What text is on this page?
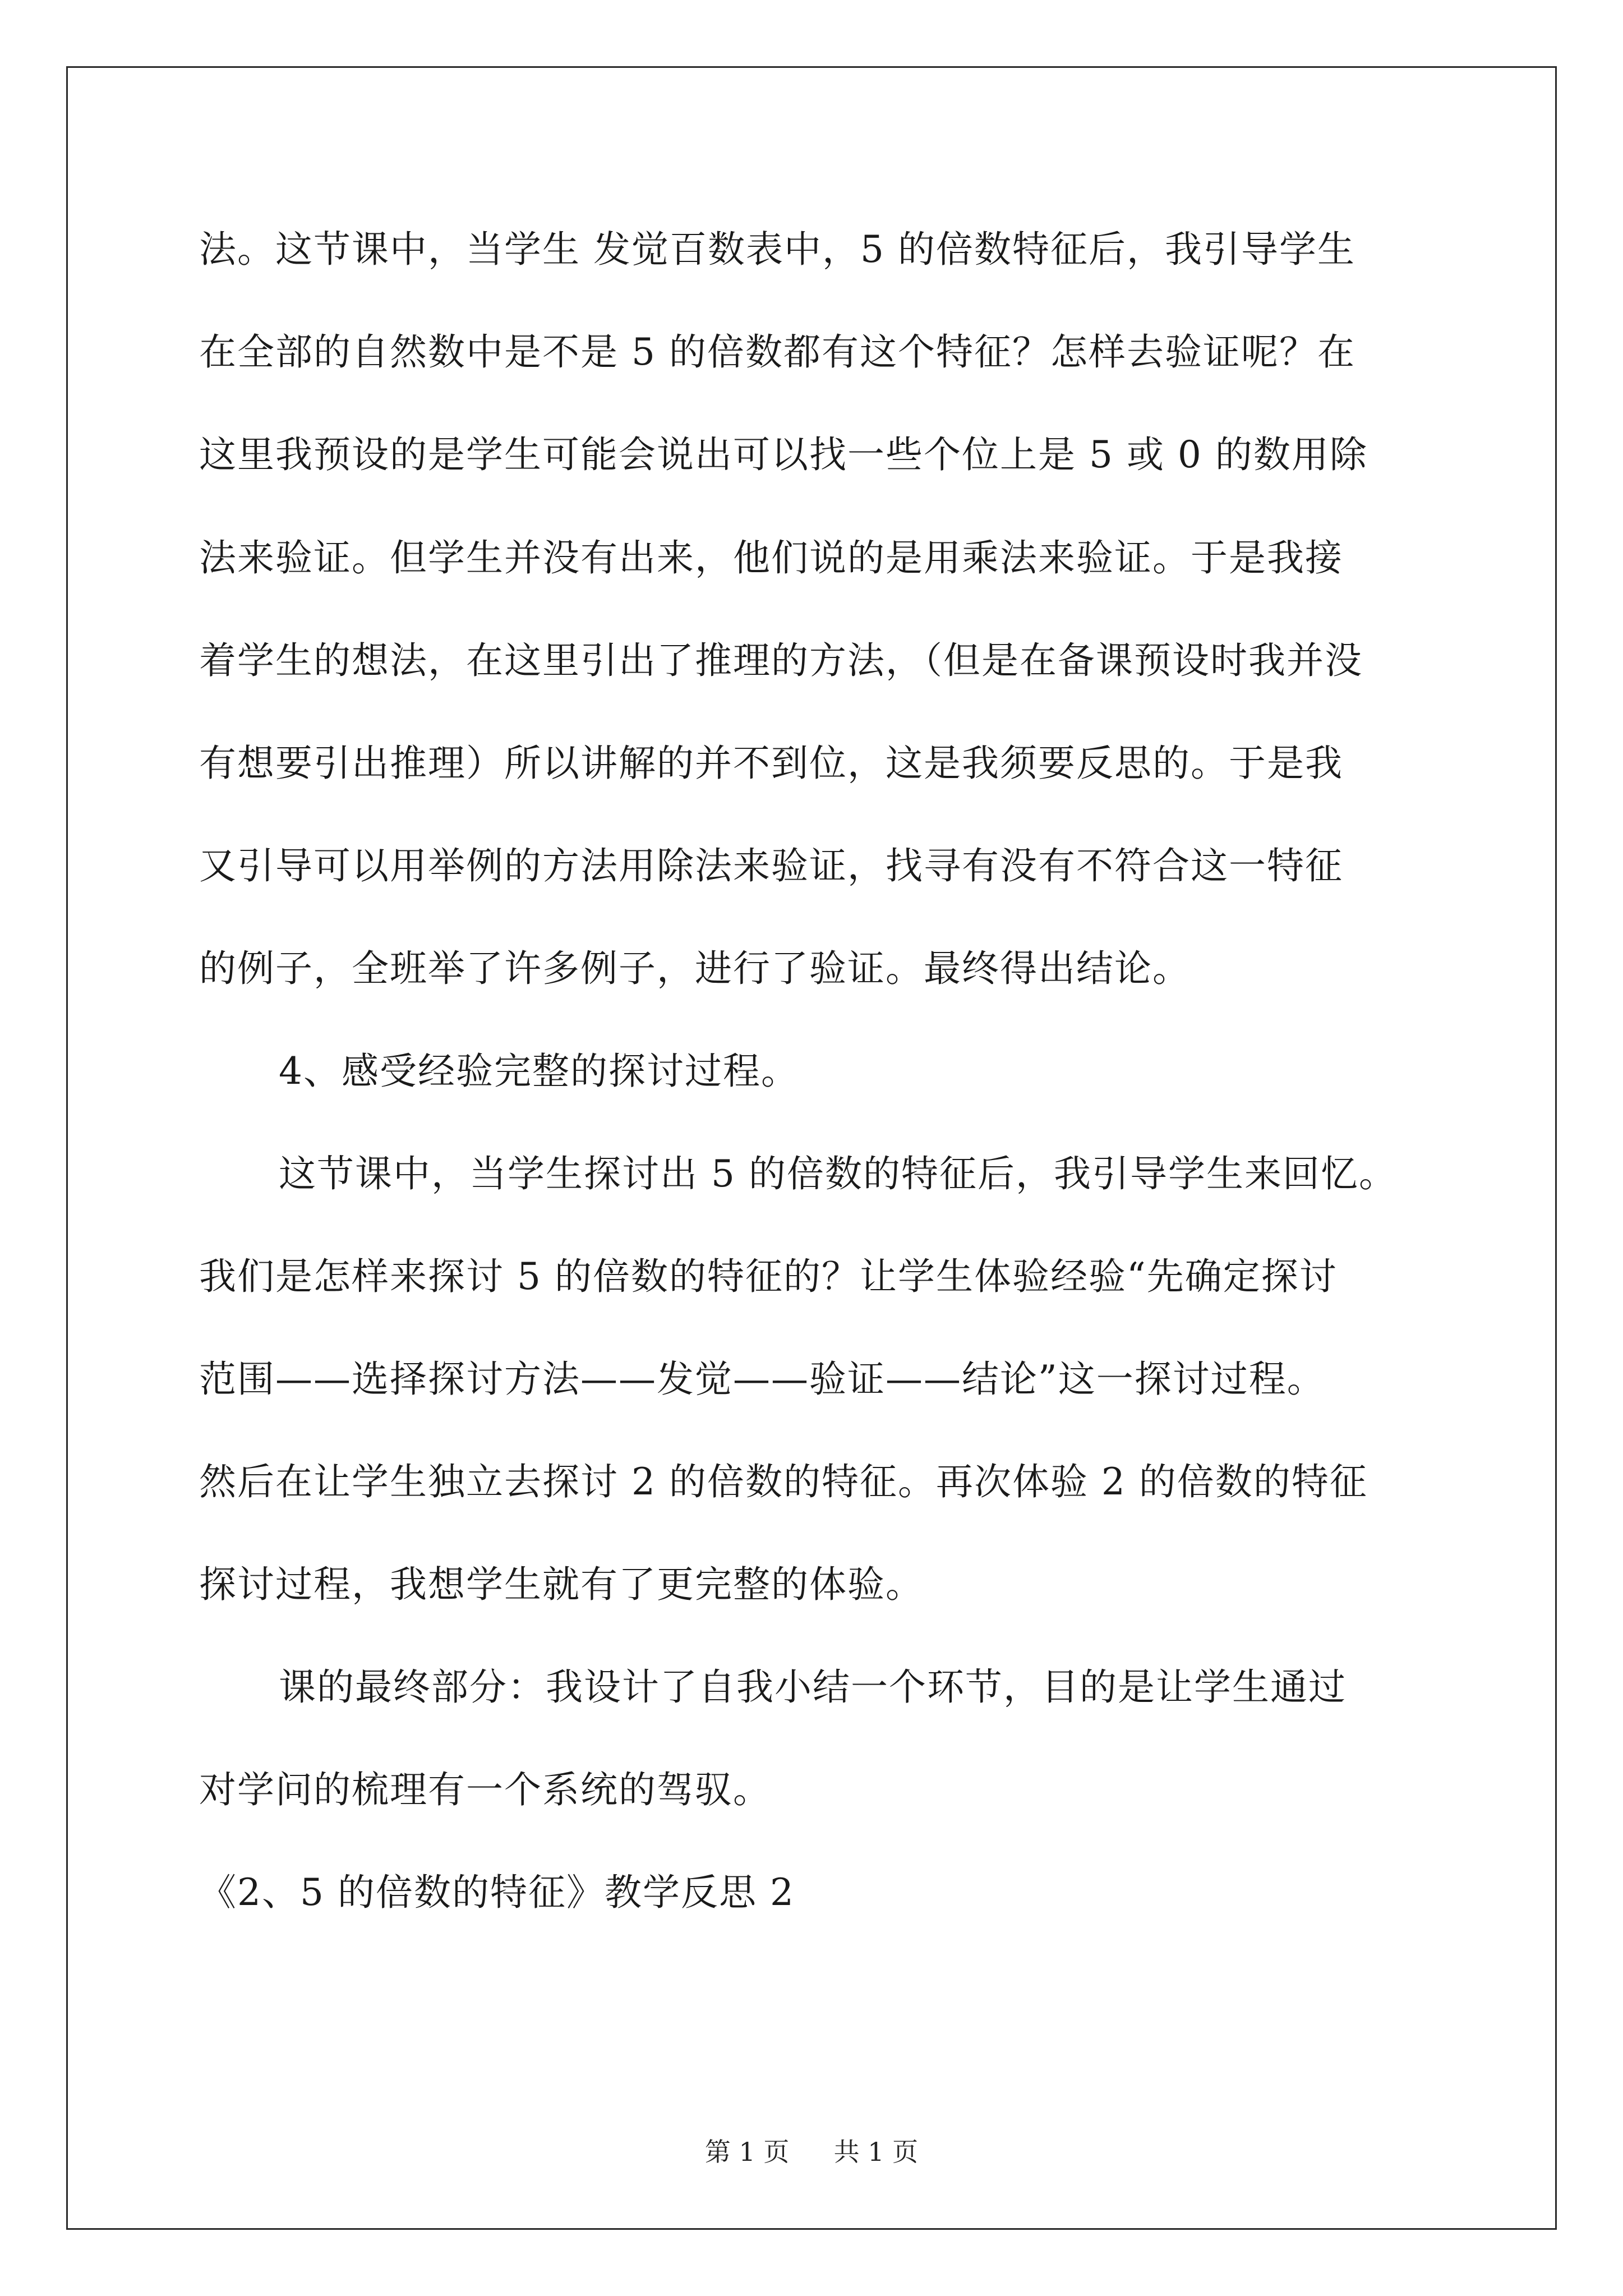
法。这节课中，当学生 发觉百数表中，5 的倍数特征后，我引导学生
在全部的自然数中是不是 5 的倍数都有这个特征？怎样去验证呢？在
这里我预设的是学生可能会说出可以找一些个位上是 5 或 0 的数用除
法来验证。但学生并没有出来，他们说的是用乘法来验证。于是我接
着学生的想法，在这里引出了推理的方法，（但是在备课预设时我并没
有想要引出推理）所以讲解的并不到位，这是我须要反思的。于是我
又引导可以用举例的方法用除法来验证，找寻有没有不符合这一特征
的例子，全班举了许多例子，进行了验证。最终得出结论。
4、感受经验完整的探讨过程。
这节课中，当学生探讨出 5 的倍数的特征后，我引导学生来回忆。
我们是怎样来探讨 5 的倍数的特征的？让学生体验经验“先确定探讨
范围——选择探讨方法——发觉——验证——结论”这一探讨过程。
然后在让学生独立去探讨 2 的倍数的特征。再次体验 2 的倍数的特征
探讨过程，我想学生就有了更完整的体验。
课的最终部分：我设计了自我小结一个环节，目的是让学生通过
对学问的梳理有一个系统的驾驭。
《2、5 的倍数的特征》教学反思 2
第 1 页 共 1 页
